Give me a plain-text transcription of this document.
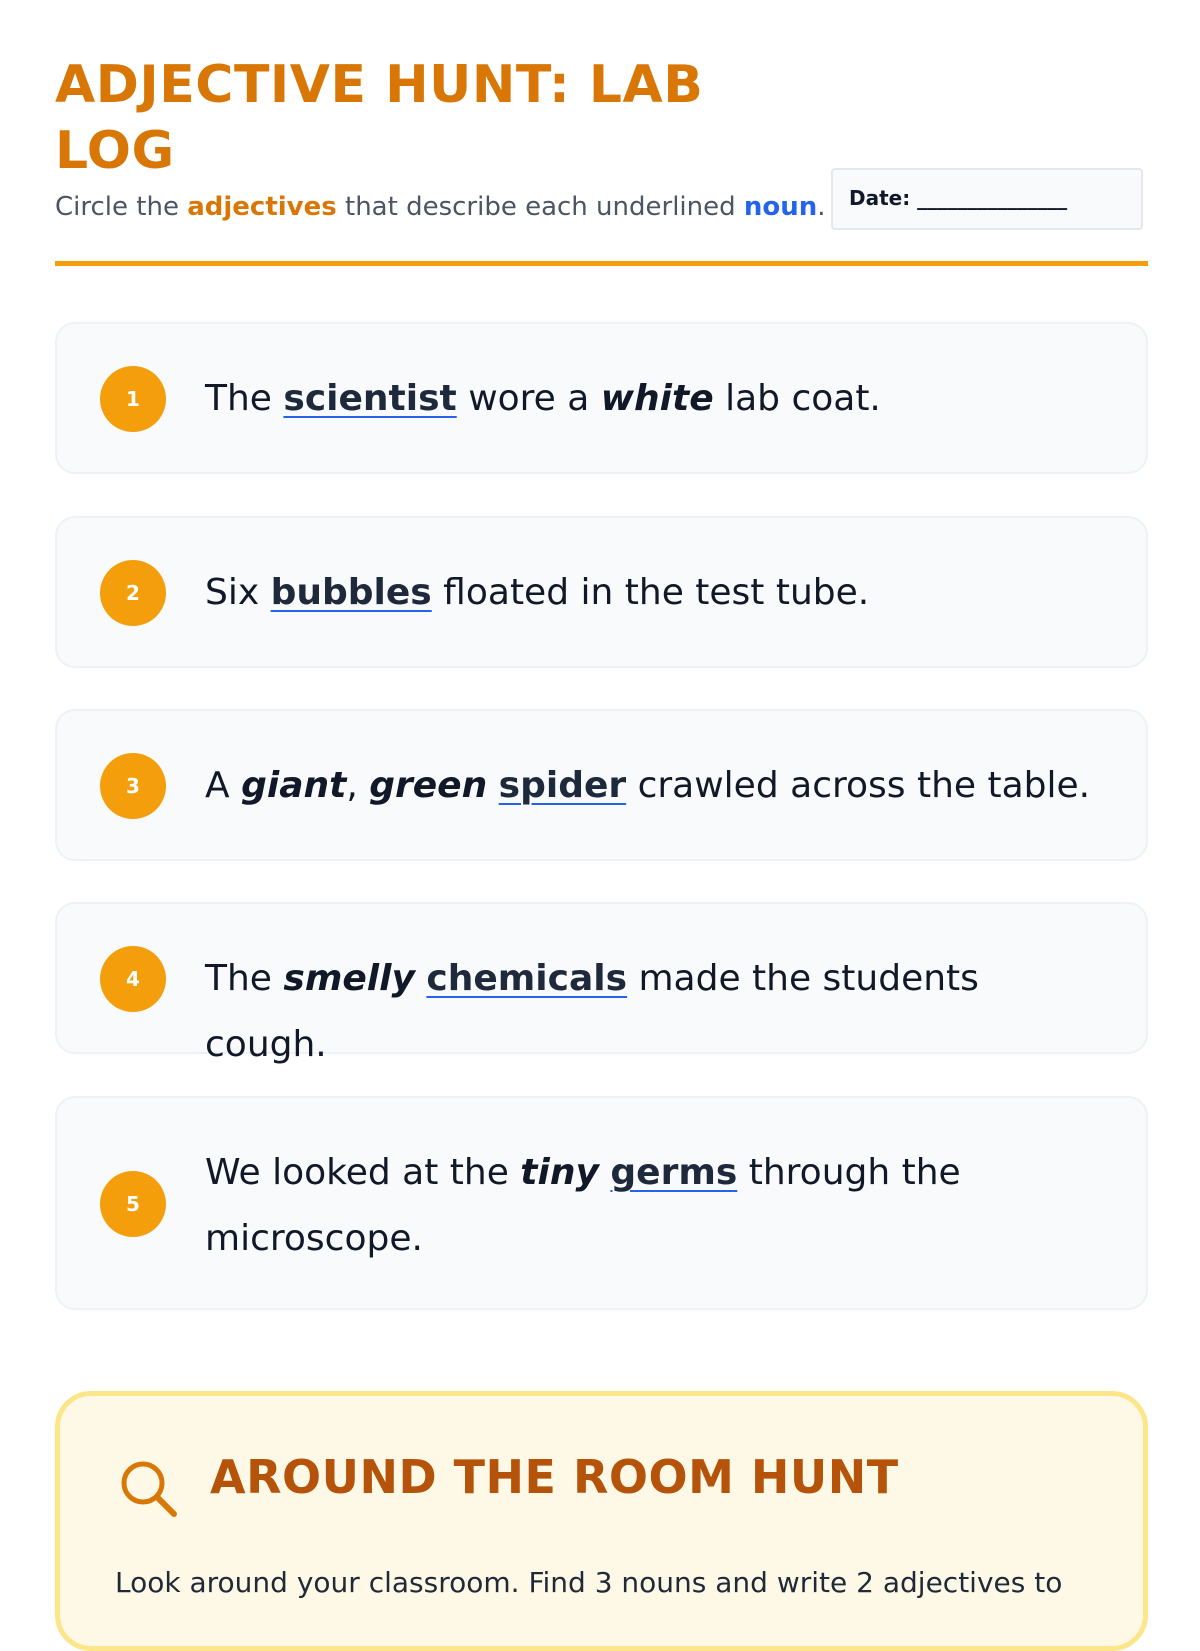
ADJECTIVE HUNT: LAB LOG
Circle the adjectives that describe each underlined noun.	Date: _______________
1	The scientist wore a white lab coat.
2	Six bubbles floated in the test tube.
3	A giant, green spider crawled across the table.
4	The smelly chemicals made the students cough.
5
We looked at the tiny germs through the microscope.
AROUND THE ROOM HUNT
Look around your classroom. Find 3 nouns and write 2 adjectives to
